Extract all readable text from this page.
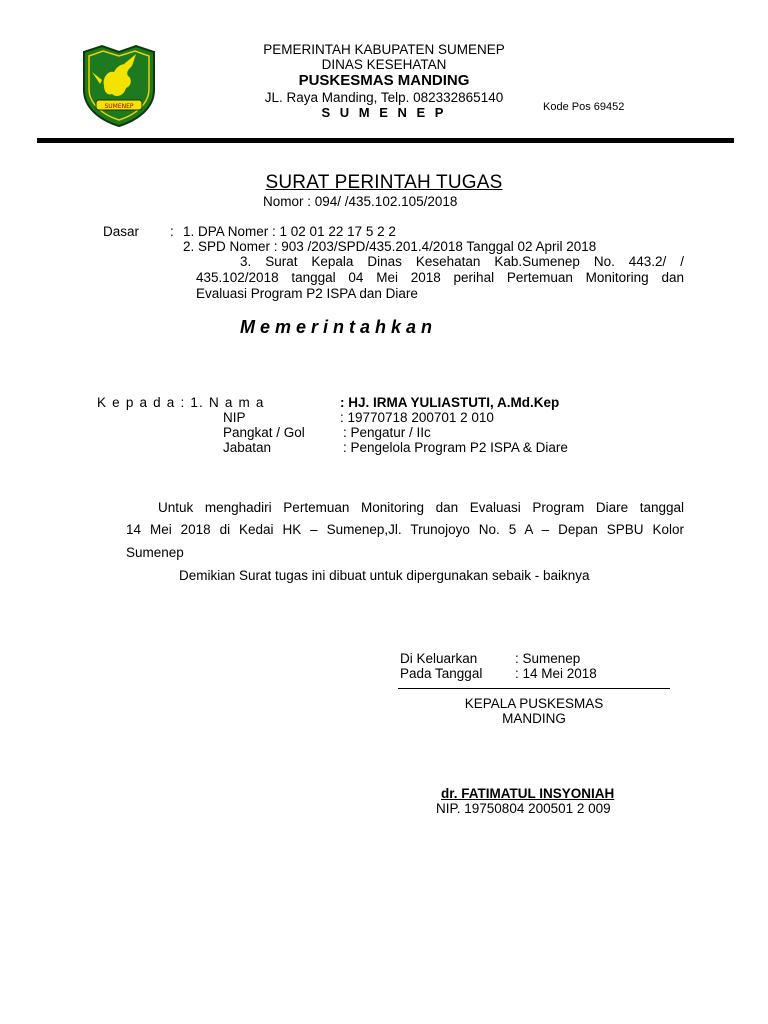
SUMENEP
PEMERINTAH KABUPATEN SUMENEP
DINAS KESEHATAN
PUSKESMAS MANDING
JL. Raya Manding, Telp. 082332865140
S U M E N E P	Kode Pos 69452
SURAT PERINTAH TUGAS
Nomor : 094/ /435.102.105/2018
Dasar : 1. DPA Nomer : 1 02 01 22 17 5 2 2
2. SPD Nomer : 903 /203/SPD/435.201.4/2018 Tanggal 02 April 2018
3. Surat Kepala Dinas Kesehatan Kab.Sumenep No. 443.2/ /
435.102/2018 tanggal 04 Mei 2018 perihal Pertemuan Monitoring dan
Evaluasi Program P2 ISPA dan Diare
Memerintahkan
K e p a d a : 1. N a m a
NIP
Pangkat / Gol
Jabatan
: HJ. IRMA YULIASTUTI, A.Md.Kep
: 19770718 200701 2 010
: Pengatur / IIc
: Pengelola Program P2 ISPA & Diare
Untuk menghadiri Pertemuan Monitoring dan Evaluasi Program Diare tanggal
14 Mei 2018 di Kedai HK – Sumenep,Jl. Trunojoyo No. 5 A – Depan SPBU Kolor
Sumenep
Demikian Surat tugas ini dibuat untuk dipergunakan sebaik - baiknya
Di Keluarkan	: Sumenep
Pada Tanggal : 14 Mei 2018
KEPALA PUSKESMAS
MANDING
dr. FATIMATUL INSYONIAH
NIP. 19750804 200501 2 009
